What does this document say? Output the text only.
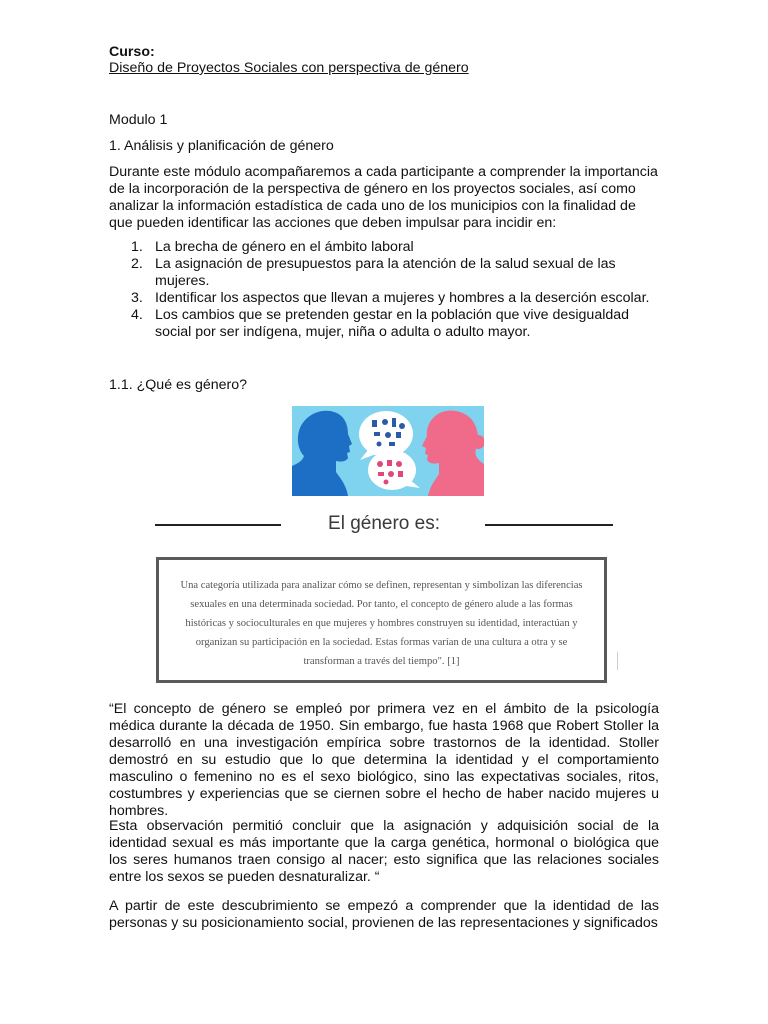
Curso:

Diseño de Proyectos Sociales con perspectiva de género

Modulo 1

1. Análisis y planificación de género

Durante este módulo acompañaremos a cada participante a comprender la importancia de la incorporación de la perspectiva de género en los proyectos sociales, así como analizar la información estadística de cada uno de los municipios con la finalidad de que pueden identificar las acciones que deben impulsar para incidir en:

1. La brecha de género en el ámbito laboral
2. La asignación de presupuestos para la atención de la salud sexual de las mujeres.
3. Identificar los aspectos que llevan a mujeres y hombres a la deserción escolar.
4. Los cambios que se pretenden gestar en la población que vive desigualdad social por ser indígena, mujer, niña o adulta o adulto mayor.

1.1. ¿Qué es género?

El género es:

Una categoría utilizada para analizar cómo se definen, representan y simbolizan las diferencias sexuales en una determinada sociedad. Por tanto, el concepto de género alude a las formas históricas y socioculturales en que mujeres y hombres construyen su identidad, interactúan y organizan su participación en la sociedad. Estas formas varían de una cultura a otra y se transforman a través del tiempo". [1]

“El concepto de género se empleó por primera vez en el ámbito de la psicología médica durante la década de 1950. Sin embargo, fue hasta 1968 que Robert Stoller la desarrolló en una investigación empírica sobre trastornos de la identidad. Stoller demostró en su estudio que lo que determina la identidad y el comportamiento masculino o femenino no es el sexo biológico, sino las expectativas sociales, ritos, costumbres y experiencias que se ciernen sobre el hecho de haber nacido mujeres u hombres.

Esta observación permitió concluir que la asignación y adquisición social de la identidad sexual es más importante que la carga genética, hormonal o biológica que los seres humanos traen consigo al nacer; esto significa que las relaciones sociales entre los sexos se pueden desnaturalizar. “

A partir de este descubrimiento se empezó a comprender que la identidad de las personas y su posicionamiento social, provienen de las representaciones y significados
